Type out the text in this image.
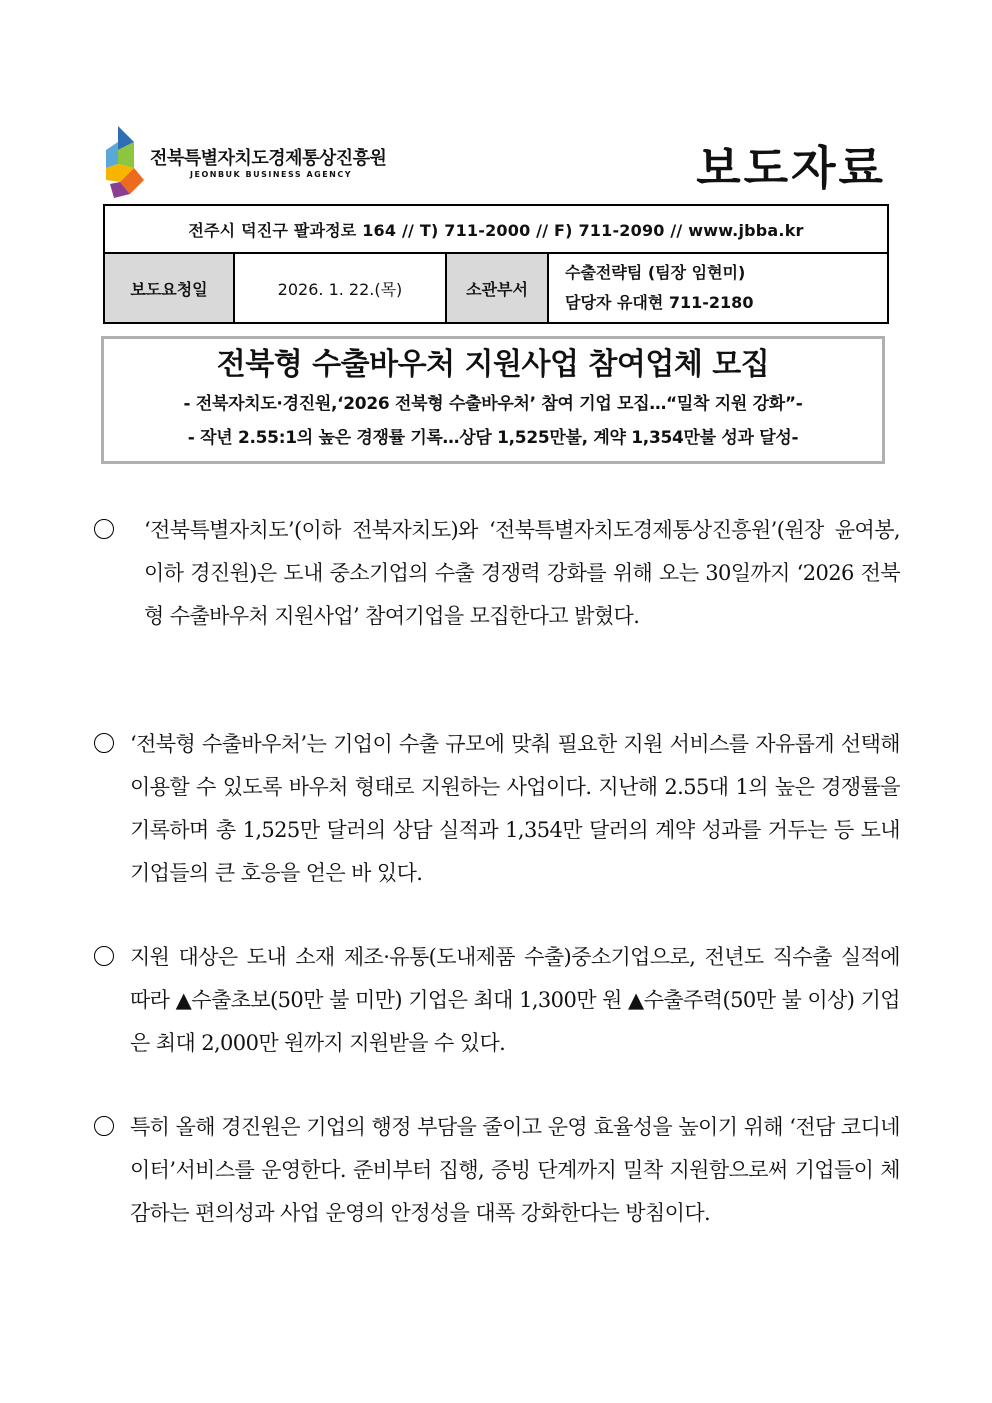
전북특별자치도경제통상진흥원
JEONBUK BUSINESS AGENCY	보도자료
전주시 덕진구 팔과정로 164 // T) 711-2000 // F) 711-2090 // www.jbba.kr
보도요청일	2026. 1. 22.(목)	소관부서	
수출전략팀 (팀장 임현미)
담당자 유대현 711-2180
전북형 수출바우처 지원사업 참여업체 모집
- 전북자치도·경진원,‘2026 전북형 수출바우처’ 참여 기업 모집…“밀착 지원 강화”-
- 작년 2.55:1의 높은 경쟁률 기록…상담 1,525만불, 계약 1,354만불 성과 달성-
‘전북특별자치도’(이하 전북자치도)와 ‘전북특별자치도경제통상진흥원’(원장 윤여봉, 이하 경진원)은 도내 중소기업의 수출 경쟁력 강화를 위해 오는 30일까지 ‘2026 전북형 수출바우처 지원사업’ 참여기업을 모집한다고 밝혔다.
‘전북형 수출바우처’는 기업이 수출 규모에 맞춰 필요한 지원 서비스를 자유롭게 선택해 이용할 수 있도록 바우처 형태로 지원하는 사업이다. 지난해 2.55대 1의 높은 경쟁률을 기록하며 총 1,525만 달러의 상담 실적과 1,354만 달러의 계약 성과를 거두는 등 도내 기업들의 큰 호응을 얻은 바 있다.
지원 대상은 도내 소재 제조·유통(도내제품 수출)중소기업으로, 전년도 직수출 실적에 따라 ▲수출초보(50만 불 미만) 기업은 최대 1,300만 원 ▲수출주력(50만 불 이상) 기업은 최대 2,000만 원까지 지원받을 수 있다.
특히 올해 경진원은 기업의 행정 부담을 줄이고 운영 효율성을 높이기 위해 ‘전담 코디네이터’서비스를 운영한다. 준비부터 집행, 증빙 단계까지 밀착 지원함으로써 기업들이 체감하는 편의성과 사업 운영의 안정성을 대폭 강화한다는 방침이다.
